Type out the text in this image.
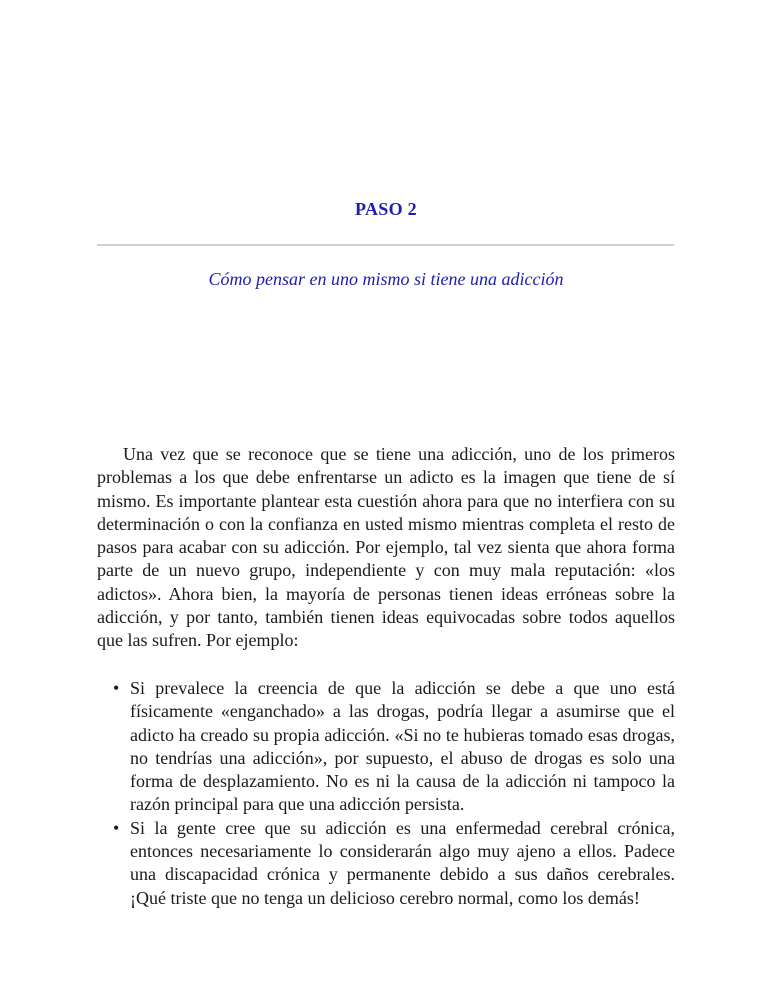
PASO 2
Cómo pensar en uno mismo si tiene una adicción

Una vez que se reconoce que se tiene una adicción, uno de los primeros problemas a los que debe enfrentarse un adicto es la imagen que tiene de sí mismo. Es importante plantear esta cuestión ahora para que no interfiera con su determinación o con la confianza en usted mismo mientras completa el resto de pasos para acabar con su adicción. Por ejemplo, tal vez sienta que ahora forma parte de un nuevo grupo, independiente y con muy mala reputación: «los adictos». Ahora bien, la mayoría de personas tienen ideas erróneas sobre la adicción, y por tanto, también tienen ideas equivocadas sobre todos aquellos que las sufren. Por ejemplo:

• Si prevalece la creencia de que la adicción se debe a que uno está físicamente «enganchado» a las drogas, podría llegar a asumirse que el adicto ha creado su propia adicción. «Si no te hubieras tomado esas drogas, no tendrías una adicción», por supuesto, el abuso de drogas es solo una forma de desplazamiento. No es ni la causa de la adicción ni tampoco la razón principal para que una adicción persista.
• Si la gente cree que su adicción es una enfermedad cerebral crónica, entonces necesariamente lo considerarán algo muy ajeno a ellos. Padece una discapacidad crónica y permanente debido a sus daños cerebrales. ¡Qué triste que no tenga un delicioso cerebro normal, como los demás!
